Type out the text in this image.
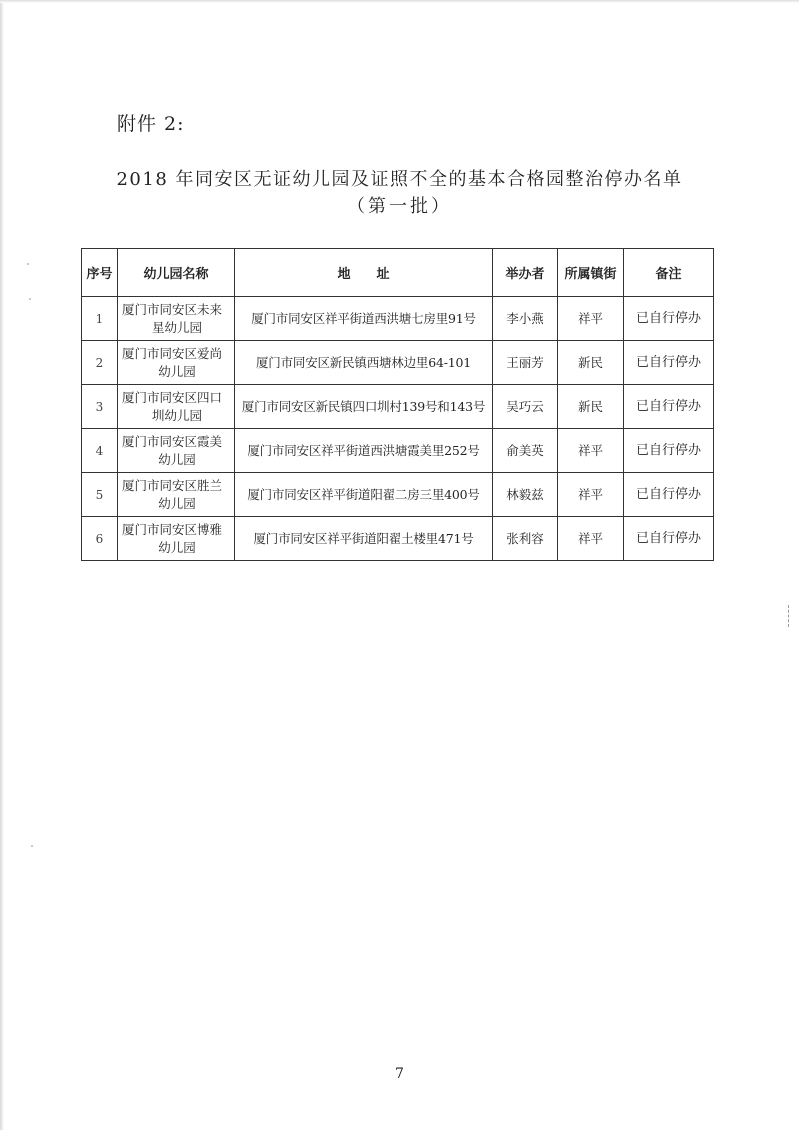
附件 2:
2018 年同安区无证幼儿园及证照不全的基本合格园整治停办名单
（第一批）
序号	幼儿园名称	地　　址	举办者	所属镇街	备注
1	厦门市同安区未来
星幼儿园	厦门市同安区祥平街道西洪塘七房里91号	李小燕	祥平	已自行停办
2	厦门市同安区爱尚
幼儿园	厦门市同安区新民镇西塘林边里64-101	王丽芳	新民	已自行停办
3	厦门市同安区四口
圳幼儿园	厦门市同安区新民镇四口圳村139号和143号	吴巧云	新民	已自行停办
4	厦门市同安区霞美
幼儿园	厦门市同安区祥平街道西洪塘霞美里252号	俞美英	祥平	已自行停办
5	厦门市同安区胜兰
幼儿园	厦门市同安区祥平街道阳翟二房三里400号	林毅兹	祥平	已自行停办
6	厦门市同安区博雅
幼儿园	厦门市同安区祥平街道阳翟土楼里471号	张利容	祥平	已自行停办
7
